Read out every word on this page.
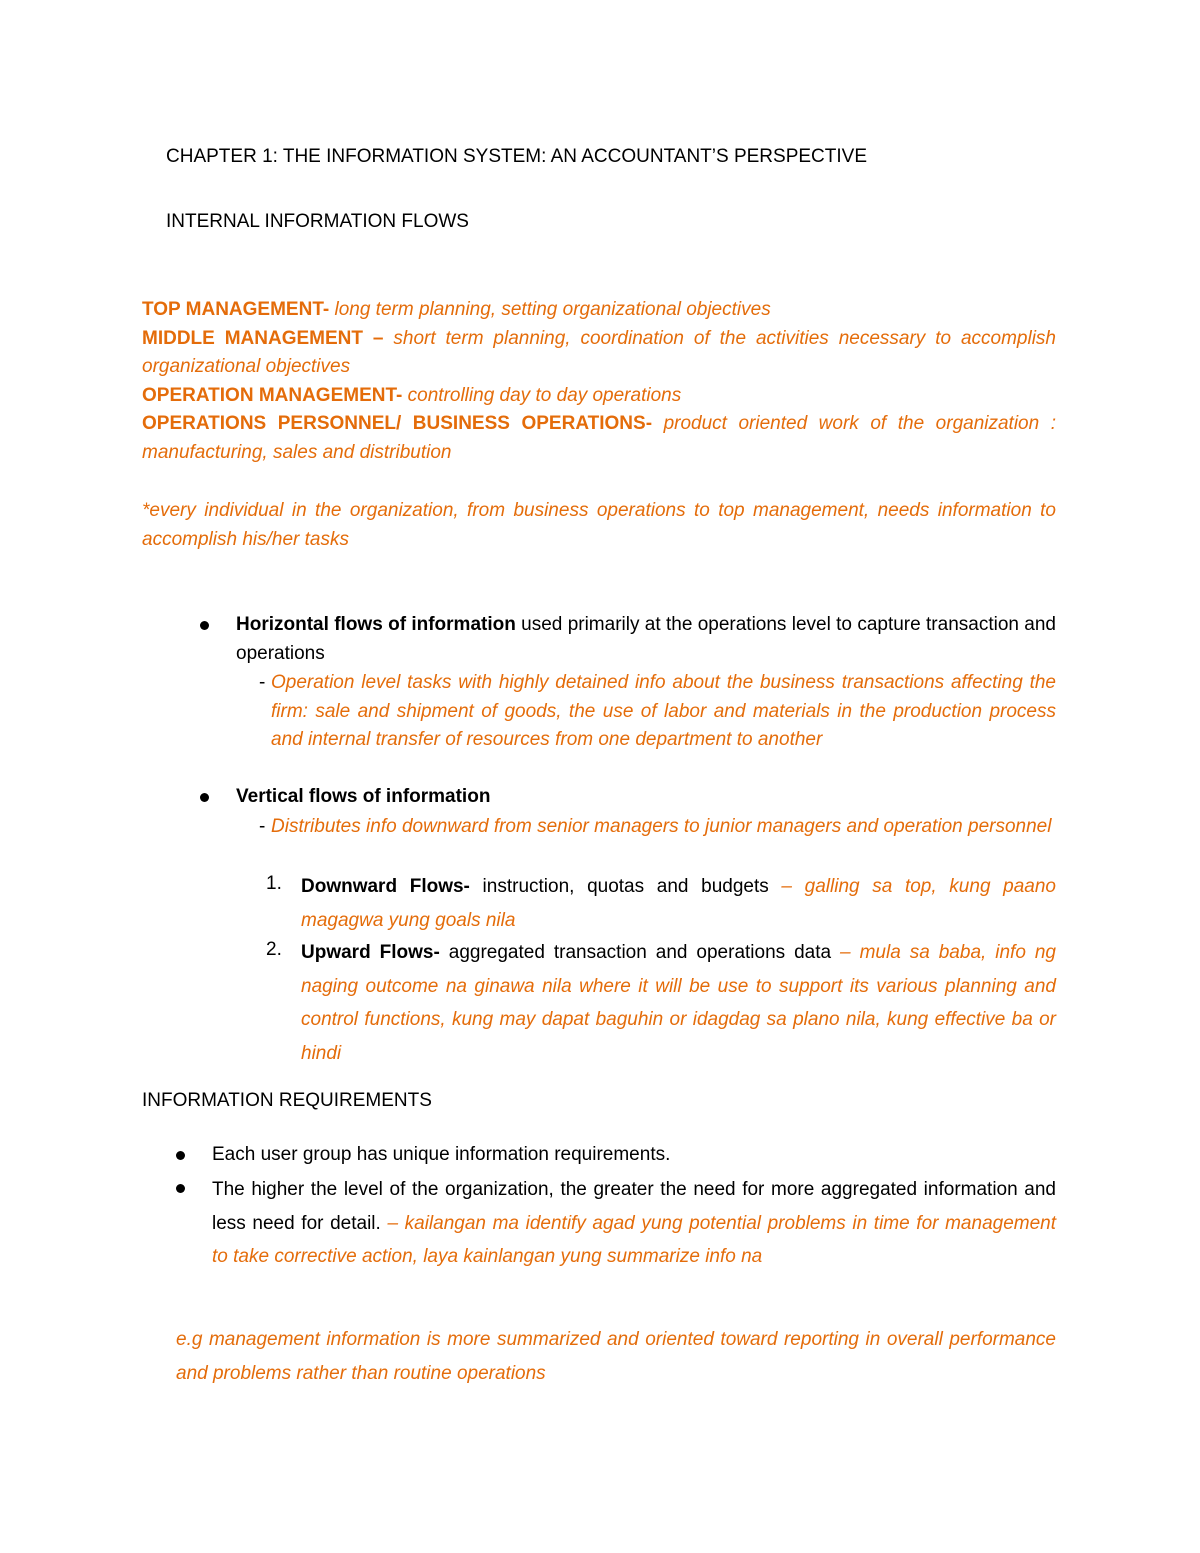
CHAPTER 1: THE INFORMATION SYSTEM: AN ACCOUNTANT’S PERSPECTIVE
INTERNAL INFORMATION FLOWS
TOP MANAGEMENT- long term planning, setting organizational objectives
MIDDLE MANAGEMENT – short term planning, coordination of the activities necessary to accomplish organizational objectives
OPERATION MANAGEMENT- controlling day to day operations
OPERATIONS PERSONNEL/ BUSINESS OPERATIONS- product oriented work of the organization : manufacturing, sales and distribution
*every individual in the organization, from business operations to top management, needs information to accomplish his/her tasks
Horizontal flows of information used primarily at the operations level to capture transaction and operations
- Operation level tasks with highly detained info about the business transactions affecting the firm: sale and shipment of goods, the use of labor and materials in the production process and internal transfer of resources from one department to another
Vertical flows of information
- Distributes info downward from senior managers to junior managers and operation personnel
1. Downward Flows- instruction, quotas and budgets – galling sa top, kung paano magagwa yung goals nila
2. Upward Flows- aggregated transaction and operations data – mula sa baba, info ng naging outcome na ginawa nila where it will be use to support its various planning and control functions, kung may dapat baguhin or idagdag sa plano nila, kung effective ba or hindi
INFORMATION REQUIREMENTS
Each user group has unique information requirements.
The higher the level of the organization, the greater the need for more aggregated information and less need for detail. – kailangan ma identify agad yung potential problems in time for management to take corrective action, laya kainlangan yung summarize info na
e.g management information is more summarized and oriented toward reporting in overall performance and problems rather than routine operations
